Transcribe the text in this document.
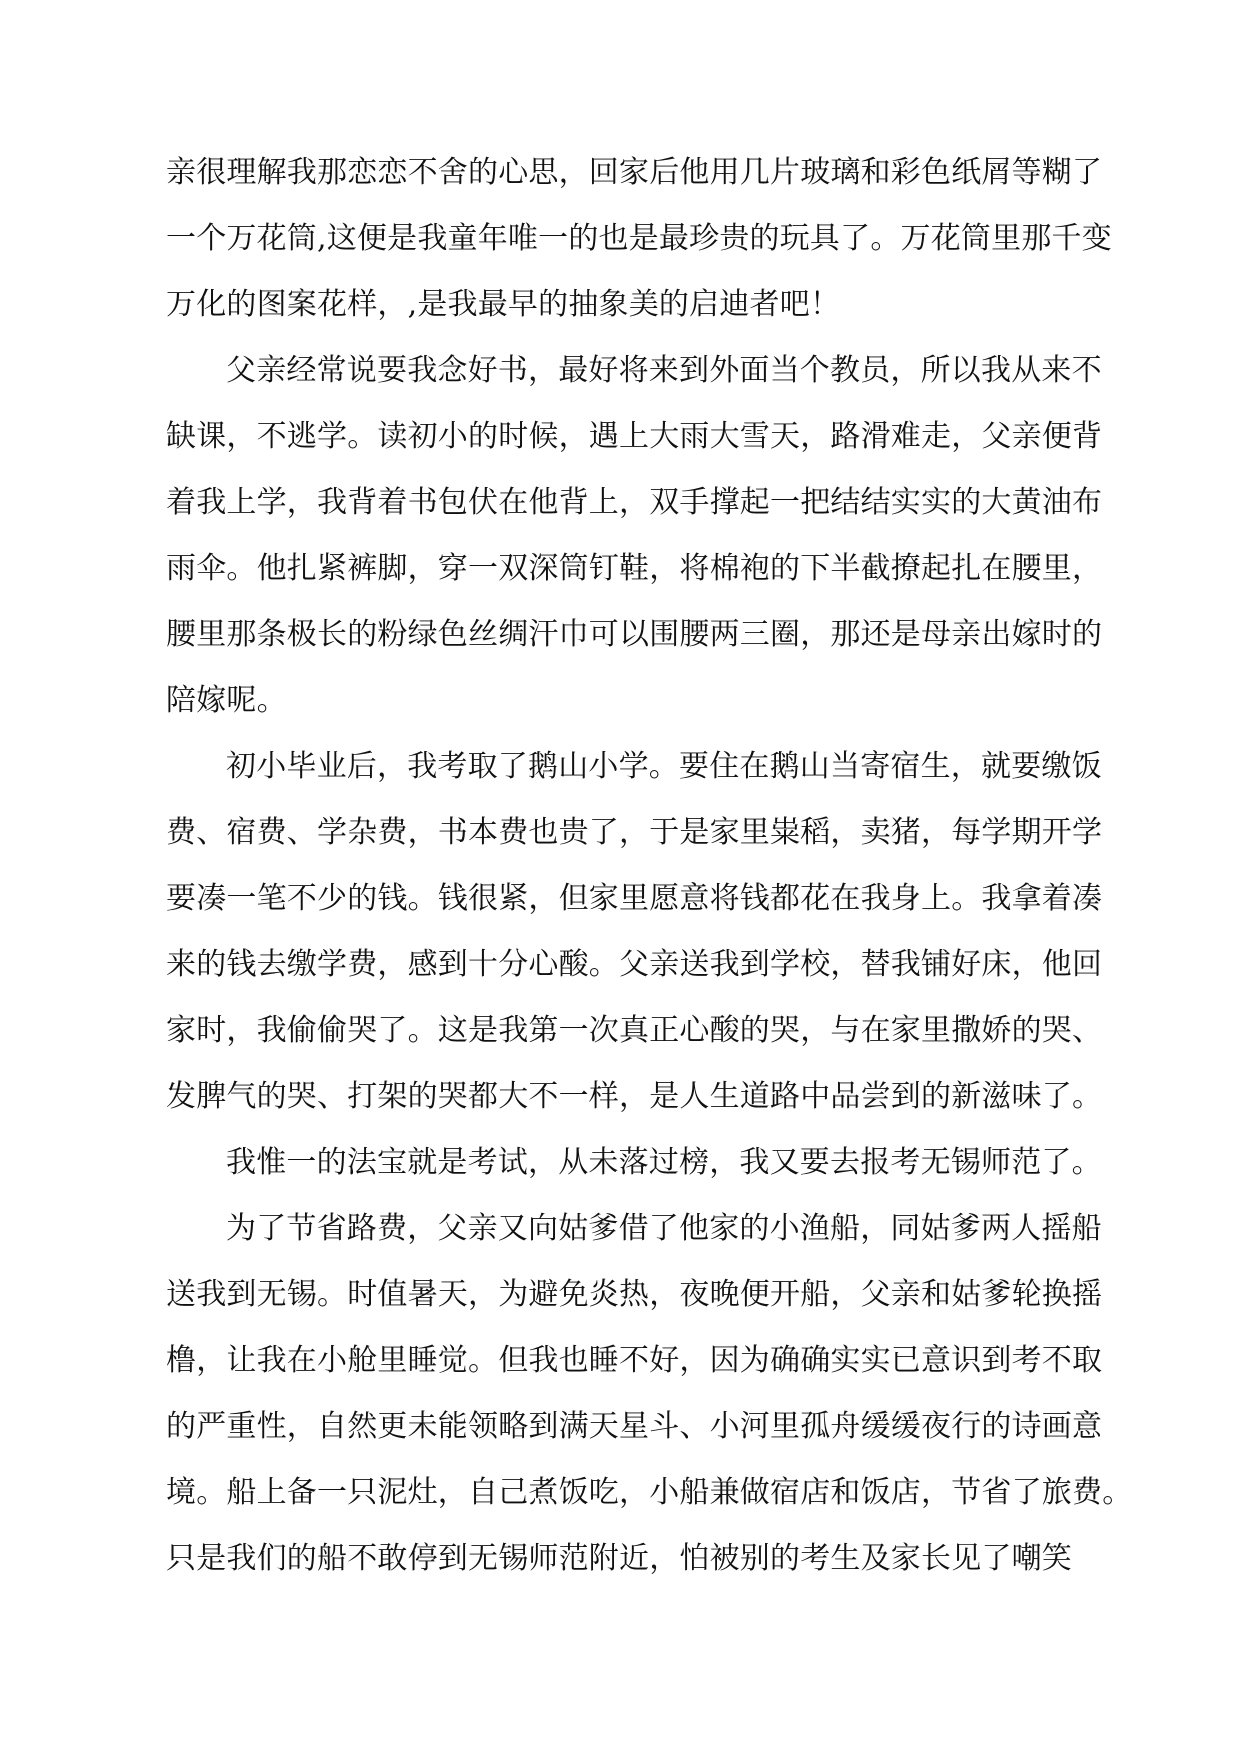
亲很理解我那恋恋不舍的心思，回家后他用几片玻璃和彩色纸屑等糊了
一个万花筒,这便是我童年唯一的也是最珍贵的玩具了。万花筒里那千变
万化的图案花样，,是我最早的抽象美的启迪者吧！
父亲经常说要我念好书，最好将来到外面当个教员，所以我从来不
缺课，不逃学。读初小的时候，遇上大雨大雪天，路滑难走，父亲便背
着我上学，我背着书包伏在他背上，双手撑起一把结结实实的大黄油布
雨伞。他扎紧裤脚，穿一双深筒钉鞋，将棉袍的下半截撩起扎在腰里，
腰里那条极长的粉绿色丝绸汗巾可以围腰两三圈，那还是母亲出嫁时的
陪嫁呢。
初小毕业后，我考取了鹅山小学。要住在鹅山当寄宿生，就要缴饭
费、宿费、学杂费，书本费也贵了，于是家里粜稻，卖猪，每学期开学
要凑一笔不少的钱。钱很紧，但家里愿意将钱都花在我身上。我拿着凑
来的钱去缴学费，感到十分心酸。父亲送我到学校，替我铺好床，他回
家时，我偷偷哭了。这是我第一次真正心酸的哭，与在家里撒娇的哭、
发脾气的哭、打架的哭都大不一样，是人生道路中品尝到的新滋味了。
我惟一的法宝就是考试，从未落过榜，我又要去报考无锡师范了。
为了节省路费，父亲又向姑爹借了他家的小渔船，同姑爹两人摇船
送我到无锡。时值暑天，为避免炎热，夜晚便开船，父亲和姑爹轮换摇
橹，让我在小舱里睡觉。但我也睡不好，因为确确实实已意识到考不取
的严重性，自然更未能领略到满天星斗、小河里孤舟缓缓夜行的诗画意
境。船上备一只泥灶，自己煮饭吃，小船兼做宿店和饭店，节省了旅费。
只是我们的船不敢停到无锡师范附近，怕被别的考生及家长见了嘲笑
